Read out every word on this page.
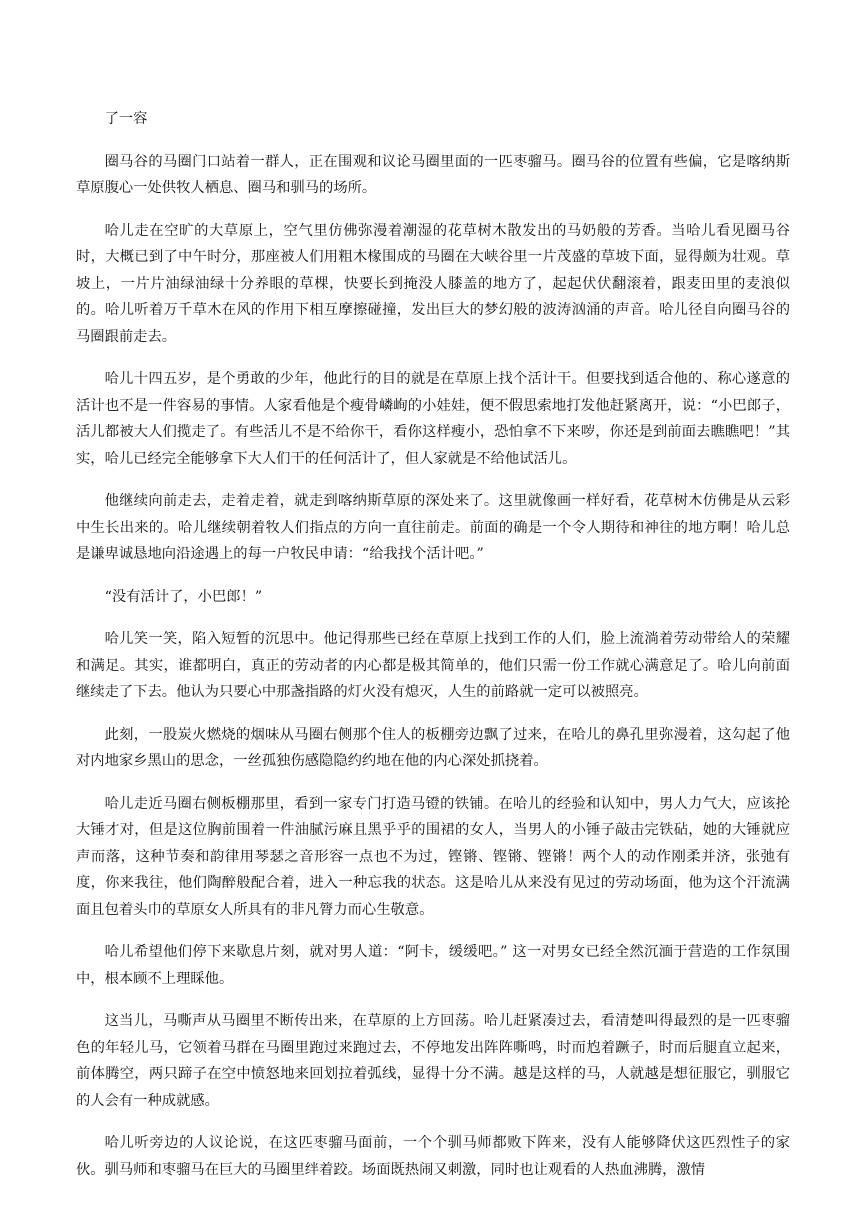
了一容

圈马谷的马圈门口站着一群人，正在围观和议论马圈里面的一匹枣骝马。圈马谷的位置有些偏，它是喀纳斯草原腹心一处供牧人栖息、圈马和驯马的场所。

哈儿走在空旷的大草原上，空气里仿佛弥漫着潮湿的花草树木散发出的马奶般的芳香。当哈儿看见圈马谷时，大概已到了中午时分，那座被人们用粗木椽围成的马圈在大峡谷里一片茂盛的草坡下面，显得颇为壮观。草坡上，一片片油绿油绿十分养眼的草棵，快要长到掩没人膝盖的地方了，起起伏伏翻滚着，跟麦田里的麦浪似的。哈儿听着万千草木在风的作用下相互摩擦碰撞，发出巨大的梦幻般的波涛汹涌的声音。哈儿径自向圈马谷的马圈跟前走去。

哈儿十四五岁，是个勇敢的少年，他此行的目的就是在草原上找个活计干。但要找到适合他的、称心遂意的活计也不是一件容易的事情。人家看他是个瘦骨嶙峋的小娃娃，便不假思索地打发他赶紧离开，说：“小巴郎子，活儿都被大人们揽走了。有些活儿不是不给你干，看你这样瘦小，恐怕拿不下来哕，你还是到前面去瞧瞧吧！”其实，哈儿已经完全能够拿下大人们干的任何活计了，但人家就是不给他试活儿。

他继续向前走去，走着走着，就走到喀纳斯草原的深处来了。这里就像画一样好看，花草树木仿佛是从云彩中生长出来的。哈儿继续朝着牧人们指点的方向一直往前走。前面的确是一个令人期待和神往的地方啊！哈儿总是谦卑诚恳地向沿途遇上的每一户牧民申请：“给我找个活计吧。”

“没有活计了，小巴郎！”

哈儿笑一笑，陷入短暂的沉思中。他记得那些已经在草原上找到工作的人们，脸上流淌着劳动带给人的荣耀和满足。其实，谁都明白，真正的劳动者的内心都是极其简单的，他们只需一份工作就心满意足了。哈儿向前面继续走了下去。他认为只要心中那盏指路的灯火没有熄灭，人生的前路就一定可以被照亮。

此刻，一股炭火燃烧的烟味从马圈右侧那个住人的板棚旁边飘了过来，在哈儿的鼻孔里弥漫着，这勾起了他对内地家乡黑山的思念，一丝孤独伤感隐隐约约地在他的内心深处抓挠着。

哈儿走近马圈右侧板棚那里，看到一家专门打造马镫的铁铺。在哈儿的经验和认知中，男人力气大，应该抡大锤才对，但是这位胸前围着一件油腻污麻且黑乎乎的围裙的女人，当男人的小锤子敲击完铁砧，她的大锤就应声而落，这种节奏和韵律用琴瑟之音形容一点也不为过，铿锵、铿锵、铿锵！两个人的动作刚柔并济，张弛有度，你来我往，他们陶醉般配合着，进入一种忘我的状态。这是哈儿从来没有见过的劳动场面，他为这个汗流满面且包着头巾的草原女人所具有的非凡膂力而心生敬意。

哈儿希望他们停下来歇息片刻，就对男人道：“阿卡，缓缓吧。” 这一对男女已经全然沉湎于营造的工作氛围中，根本顾不上理睬他。

这当儿，马嘶声从马圈里不断传出来，在草原的上方回荡。哈儿赶紧凑过去，看清楚叫得最烈的是一匹枣骝色的年轻儿马，它领着马群在马圈里跑过来跑过去，不停地发出阵阵嘶鸣，时而尥着蹶子，时而后腿直立起来，前体腾空，两只蹄子在空中愤怒地来回划拉着弧线，显得十分不满。越是这样的马，人就越是想征服它，驯服它的人会有一种成就感。

哈儿听旁边的人议论说，在这匹枣骝马面前，一个个驯马师都败下阵来，没有人能够降伏这匹烈性子的家伙。驯马师和枣骝马在巨大的马圈里绊着跤。场面既热闹又刺激，同时也让观看的人热血沸腾，激情
